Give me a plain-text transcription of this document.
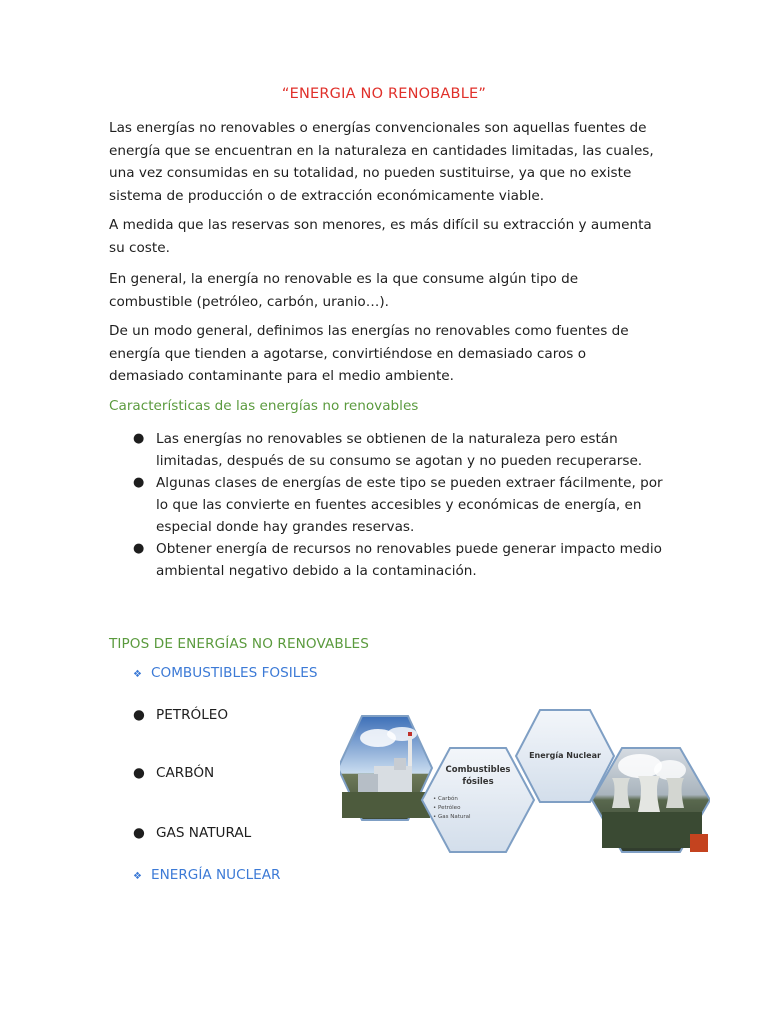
“ENERGIA NO RENOBABLE”

Las energías no renovables o energías convencionales son aquellas fuentes de energía que se encuentran en la naturaleza en cantidades limitadas, las cuales, una vez consumidas en su totalidad, no pueden sustituirse, ya que no existe sistema de producción o de extracción económicamente viable.

A medida que las reservas son menores, es más difícil su extracción y aumenta su coste.

En general, la energía no renovable es la que consume algún tipo de combustible (petróleo, carbón, uranio…).

De un modo general, definimos las energías no renovables como fuentes de energía que tienden a agotarse, convirtiéndose en demasiado caros o demasiado contaminante para el medio ambiente.

Características de las energías no renovables
● Las energías no renovables se obtienen de la naturaleza pero están limitadas, después de su consumo se agotan y no pueden recuperarse.
● Algunas clases de energías de este tipo se pueden extraer fácilmente, por lo que las convierte en fuentes accesibles y económicas de energía, en especial donde hay grandes reservas.
● Obtener energía de recursos no renovables puede generar impacto medio ambiental negativo debido a la contaminación.
TIPOS DE ENERGÍAS NO RENOVABLES
❖ COMBUSTIBLES FOSILES
● PETRÓLEO
● CARBÓN
● GAS NATURAL
❖ ENERGÍA NUCLEAR
Combustibles
fósiles
• Carbón
• Petróleo
• Gas Natural
Energía Nuclear
